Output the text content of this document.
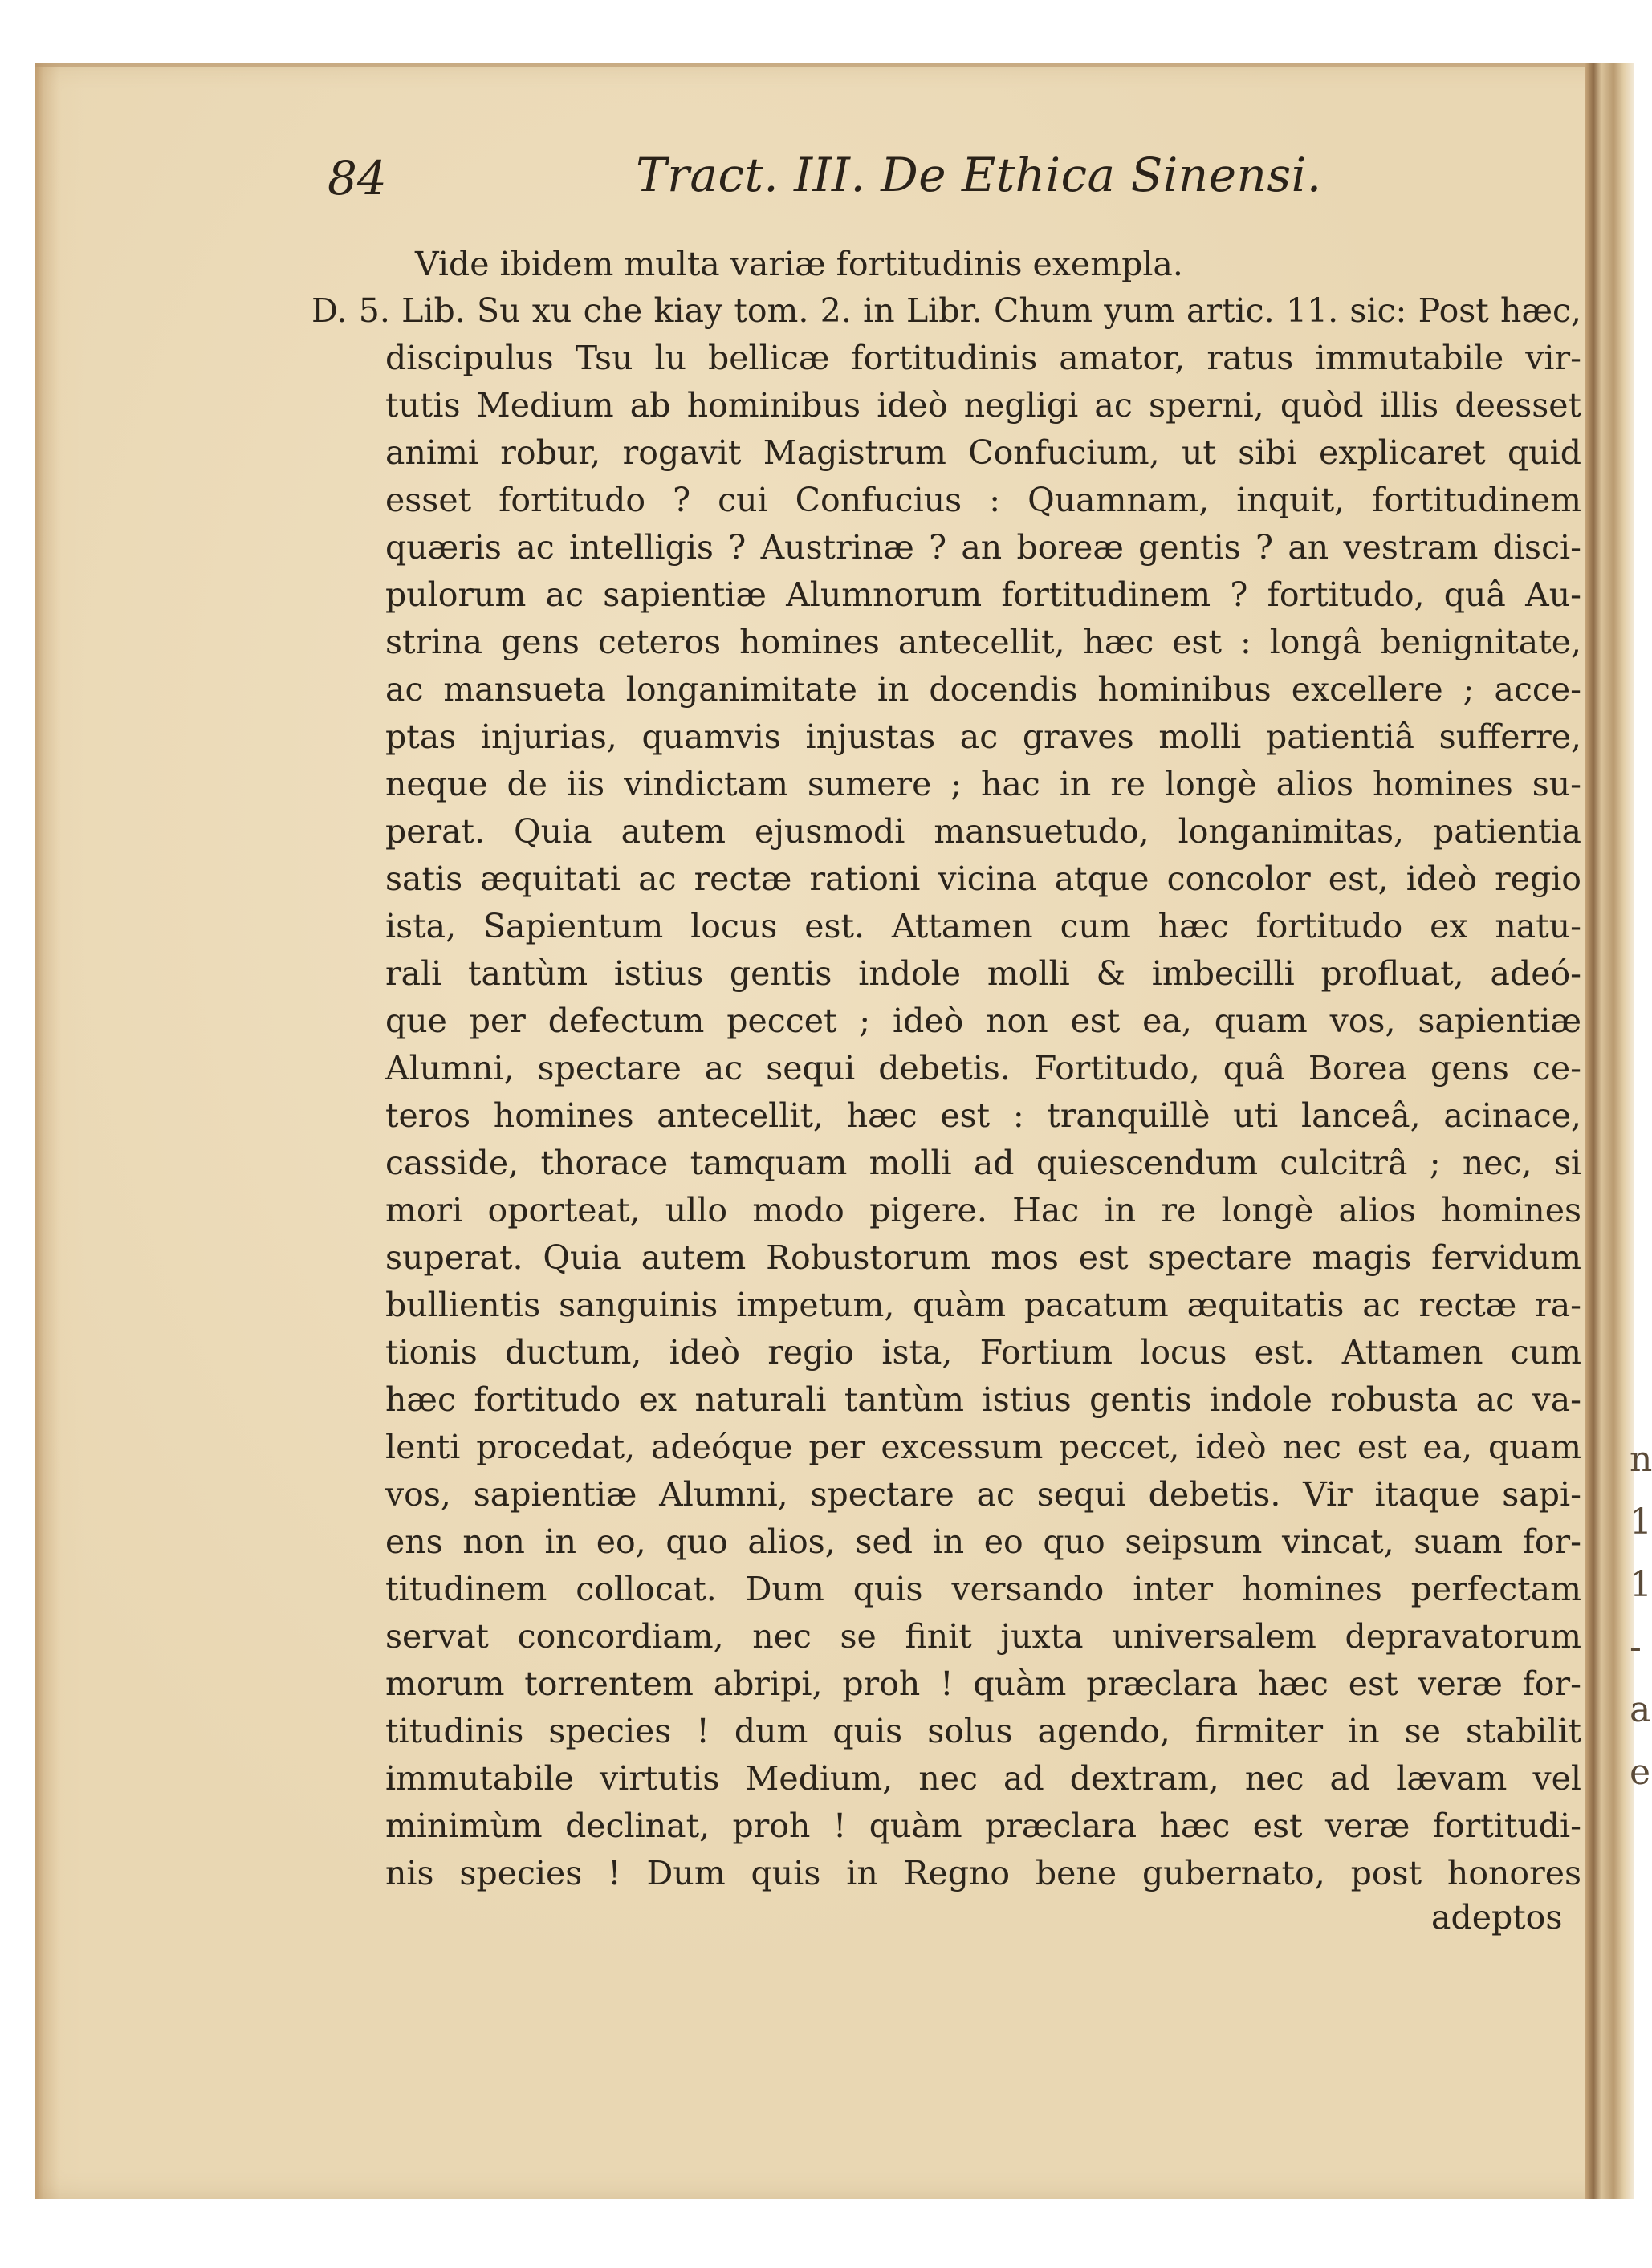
n
1
1
-
a
e
84	Tract. III. De Ethica Sinensi.
Vide ibidem multa variæ fortitudinis exempla.
D. 5. Lib. Su xu che kiay tom. 2. in Libr. Chum yum artic. 11. sic: Post hæc,
discipulus Tsu lu bellicæ fortitudinis amator, ratus immutabile vir-
tutis Medium ab hominibus ideò negligi ac sperni, quòd illis deesset
animi robur, rogavit Magistrum Confucium, ut sibi explicaret quid
esset fortitudo ? cui Confucius : Quamnam, inquit, fortitudinem
quæris ac intelligis ? Austrinæ ? an boreæ gentis ? an vestram disci-
pulorum ac sapientiæ Alumnorum fortitudinem ? fortitudo, quâ Au-
strina gens ceteros homines antecellit, hæc est : longâ benignitate,
ac mansueta longanimitate in docendis hominibus excellere ; acce-
ptas injurias, quamvis injustas ac graves molli patientiâ sufferre,
neque de iis vindictam sumere ; hac in re longè alios homines su-
perat. Quia autem ejusmodi mansuetudo, longanimitas, patientia
satis æquitati ac rectæ rationi vicina atque concolor est, ideò regio
ista, Sapientum locus est. Attamen cum hæc fortitudo ex natu-
rali tantùm istius gentis indole molli & imbecilli profluat, adeó-
que per defectum peccet ; ideò non est ea, quam vos, sapientiæ
Alumni, spectare ac sequi debetis. Fortitudo, quâ Borea gens ce-
teros homines antecellit, hæc est : tranquillè uti lanceâ, acinace,
casside, thorace tamquam molli ad quiescendum culcitrâ ; nec, si
mori oporteat, ullo modo pigere. Hac in re longè alios homines
superat. Quia autem Robustorum mos est spectare magis fervidum
bullientis sanguinis impetum, quàm pacatum æquitatis ac rectæ ra-
tionis ductum, ideò regio ista, Fortium locus est. Attamen cum
hæc fortitudo ex naturali tantùm istius gentis indole robusta ac va-
lenti procedat, adeóque per excessum peccet, ideò nec est ea, quam
vos, sapientiæ Alumni, spectare ac sequi debetis. Vir itaque sapi-
ens non in eo, quo alios, sed in eo quo seipsum vincat, suam for-
titudinem collocat. Dum quis versando inter homines perfectam
servat concordiam, nec se finit juxta universalem depravatorum
morum torrentem abripi, proh ! quàm præclara hæc est veræ for-
titudinis species ! dum quis solus agendo, firmiter in se stabilit
immutabile virtutis Medium, nec ad dextram, nec ad lævam vel
minimùm declinat, proh ! quàm præclara hæc est veræ fortitudi-
nis species ! Dum quis in Regno bene gubernato, post honores
adeptos
